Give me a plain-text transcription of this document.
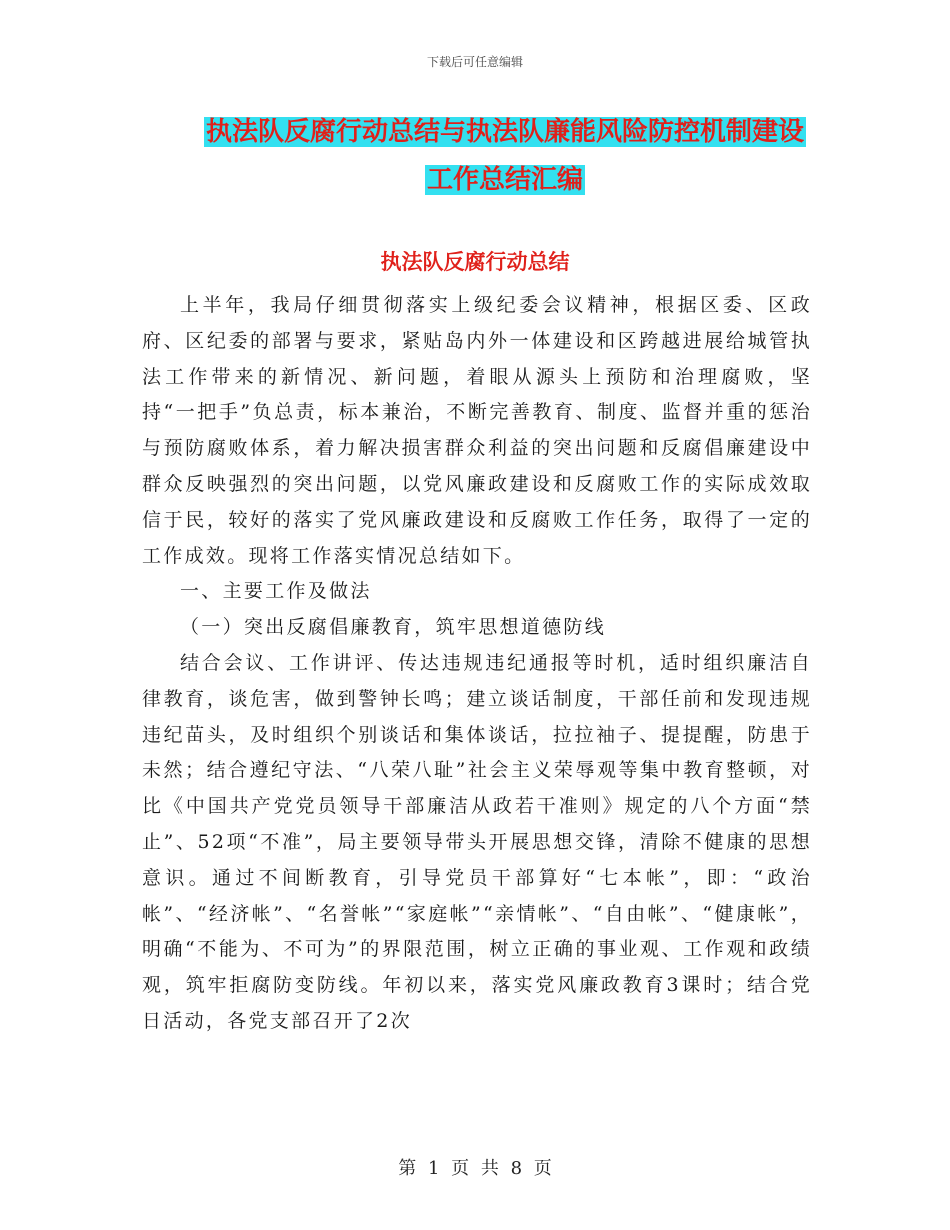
下载后可任意编辑
执法队反腐行动总结与执法队廉能风险防控机制建设
工作总结汇编
执法队反腐行动总结

上半年，我局仔细贯彻落实上级纪委会议精神，根据区委、区政府、区纪委的部署与要求，紧贴岛内外一体建设和区跨越进展给城管执法工作带来的新情况、新问题，着眼从源头上预防和治理腐败，坚持“一把手”负总责，标本兼治，不断完善教育、制度、监督并重的惩治与预防腐败体系，着力解决损害群众利益的突出问题和反腐倡廉建设中群众反映强烈的突出问题，以党风廉政建设和反腐败工作的实际成效取信于民，较好的落实了党风廉政建设和反腐败工作任务，取得了一定的工作成效。现将工作落实情况总结如下。

一、主要工作及做法

（一）突出反腐倡廉教育，筑牢思想道德防线

结合会议、工作讲评、传达违规违纪通报等时机，适时组织廉洁自律教育，谈危害，做到警钟长鸣；建立谈话制度，干部任前和发现违规违纪苗头，及时组织个别谈话和集体谈话，拉拉袖子、提提醒，防患于未然；结合遵纪守法、“八荣八耻”社会主义荣辱观等集中教育整顿，对比《中国共产党党员领导干部廉洁从政若干准则》规定的八个方面“禁止”、52项“不准”，局主要领导带头开展思想交锋，清除不健康的思想意识。通过不间断教育，引导党员干部算好“七本帐”，即：“政治帐”、“经济帐”、“名誉帐”“家庭帐”“亲情帐”、“自由帐”、“健康帐”，明确“不能为、不可为”的界限范围，树立正确的事业观、工作观和政绩观，筑牢拒腐防变防线。年初以来，落实党风廉政教育3课时；结合党日活动，各党支部召开了2次

第 1 页 共 8 页
